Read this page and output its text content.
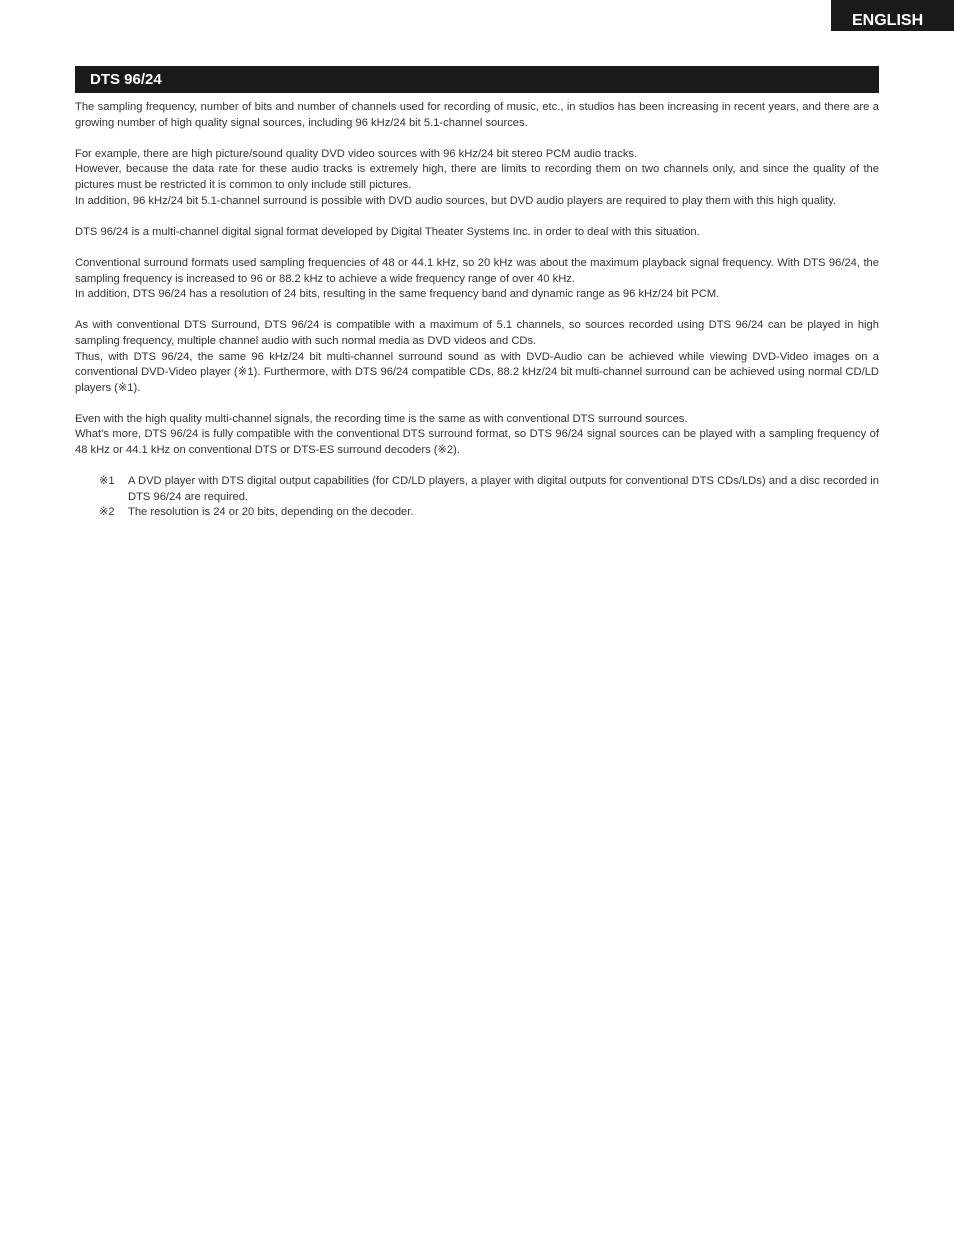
ENGLISH
DTS 96/24

The sampling frequency, number of bits and number of channels used for recording of music, etc., in studios has been increasing in recent years, and there are a growing number of high quality signal sources, including 96 kHz/24 bit 5.1-channel sources.

For example, there are high picture/sound quality DVD video sources with 96 kHz/24 bit stereo PCM audio tracks.
However, because the data rate for these audio tracks is extremely high, there are limits to recording them on two channels only, and since the quality of the pictures must be restricted it is common to only include still pictures.
In addition, 96 kHz/24 bit 5.1-channel surround is possible with DVD audio sources, but DVD audio players are required to play them with this high quality.

DTS 96/24 is a multi-channel digital signal format developed by Digital Theater Systems Inc. in order to deal with this situation.

Conventional surround formats used sampling frequencies of 48 or 44.1 kHz, so 20 kHz was about the maximum playback signal frequency. With DTS 96/24, the sampling frequency is increased to 96 or 88.2 kHz to achieve a wide frequency range of over 40 kHz.
In addition, DTS 96/24 has a resolution of 24 bits, resulting in the same frequency band and dynamic range as 96 kHz/24 bit PCM.

As with conventional DTS Surround, DTS 96/24 is compatible with a maximum of 5.1 channels, so sources recorded using DTS 96/24 can be played in high sampling frequency, multiple channel audio with such normal media as DVD videos and CDs.
Thus, with DTS 96/24, the same 96 kHz/24 bit multi-channel surround sound as with DVD-Audio can be achieved while viewing DVD-Video images on a conventional DVD-Video player (※1). Furthermore, with DTS 96/24 compatible CDs, 88.2 kHz/24 bit multi-channel surround can be achieved using normal CD/LD players (※1).

Even with the high quality multi-channel signals, the recording time is the same as with conventional DTS surround sources.
What’s more, DTS 96/24 is fully compatible with the conventional DTS surround format, so DTS 96/24 signal sources can be played with a sampling frequency of 48 kHz or 44.1 kHz on conventional DTS or DTS-ES surround decoders (※2).

※1	A DVD player with DTS digital output capabilities (for CD/LD players, a player with digital outputs for conventional DTS CDs/LDs) and a disc recorded in DTS 96/24 are required.
※2	The resolution is 24 or 20 bits, depending on the decoder.
